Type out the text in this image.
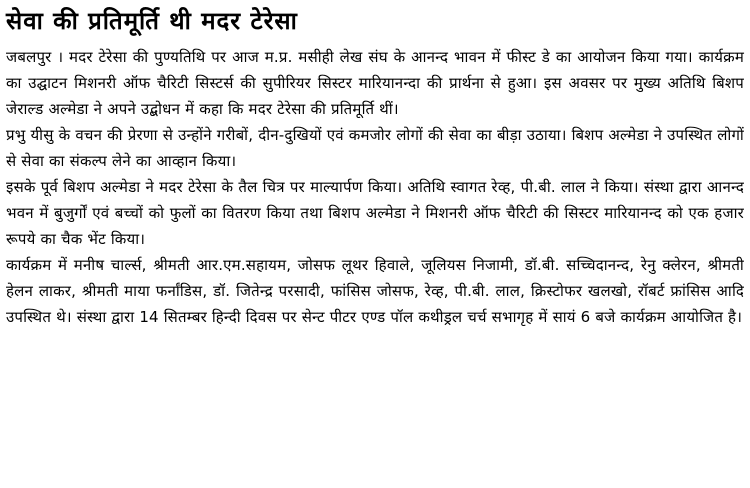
सेवा की प्रतिमूर्ति थी मदर टेरेसा

जबलपुर । मदर टेरेसा की पुण्यतिथि पर आज म.प्र. मसीही लेख संघ के आनन्द भावन में फीस्ट डे का आयोजन किया गया। कार्यक्रम का उद्घाटन मिशनरी ऑफ चैरिटी सिस्टर्स की सुपीरियर सिस्टर मारियानन्दा की प्रार्थना से हुआ। इस अवसर पर मुख्य अतिथि बिशप जेराल्ड अल्मेडा ने अपने उद्बोधन में कहा कि मदर टेरेसा की प्रतिमूर्ति थीं।

प्रभु यीसु के वचन की प्रेरणा से उन्होंने गरीबों, दीन-दुखियों एवं कमजोर लोगों की सेवा का बीड़ा उठाया। बिशप अल्मेडा ने उपस्थित लोगों से सेवा का संकल्प लेने का आव्हान किया।

इसके पूर्व बिशप अल्मेडा ने मदर टेरेसा के तैल चित्र पर माल्यार्पण किया। अतिथि स्वागत रेव्ह, पी.बी. लाल ने किया। संस्था द्वारा आनन्द भवन में बुजुर्गों एवं बच्चों को फुलों का वितरण किया तथा बिशप अल्मेडा ने मिशनरी ऑफ चैरिटी की सिस्टर मारियानन्द को एक हजार रूपये का चैक भेंट किया।

कार्यक्रम में मनीष चार्ल्स, श्रीमती आर.एम.सहायम, जोसफ लूथर हिवाले, जूलियस निजामी, डॉ.बी. सच्चिदानन्द, रेनु क्लेरन, श्रीमती हेलन लाकर, श्रीमती माया फर्नांडिस, डॉ. जितेन्द्र परसादी, फांसिस जोसफ, रेव्ह, पी.बी. लाल, क्रिस्टोफर खलखो, रॉबर्ट फ्रांसिस आदि उपस्थित थे। संस्था द्वारा 14 सितम्बर हिन्दी दिवस पर सेन्ट पीटर एण्ड पॉल कथीड्रल चर्च सभागृह में सायं 6 बजे कार्यक्रम आयोजित है।
